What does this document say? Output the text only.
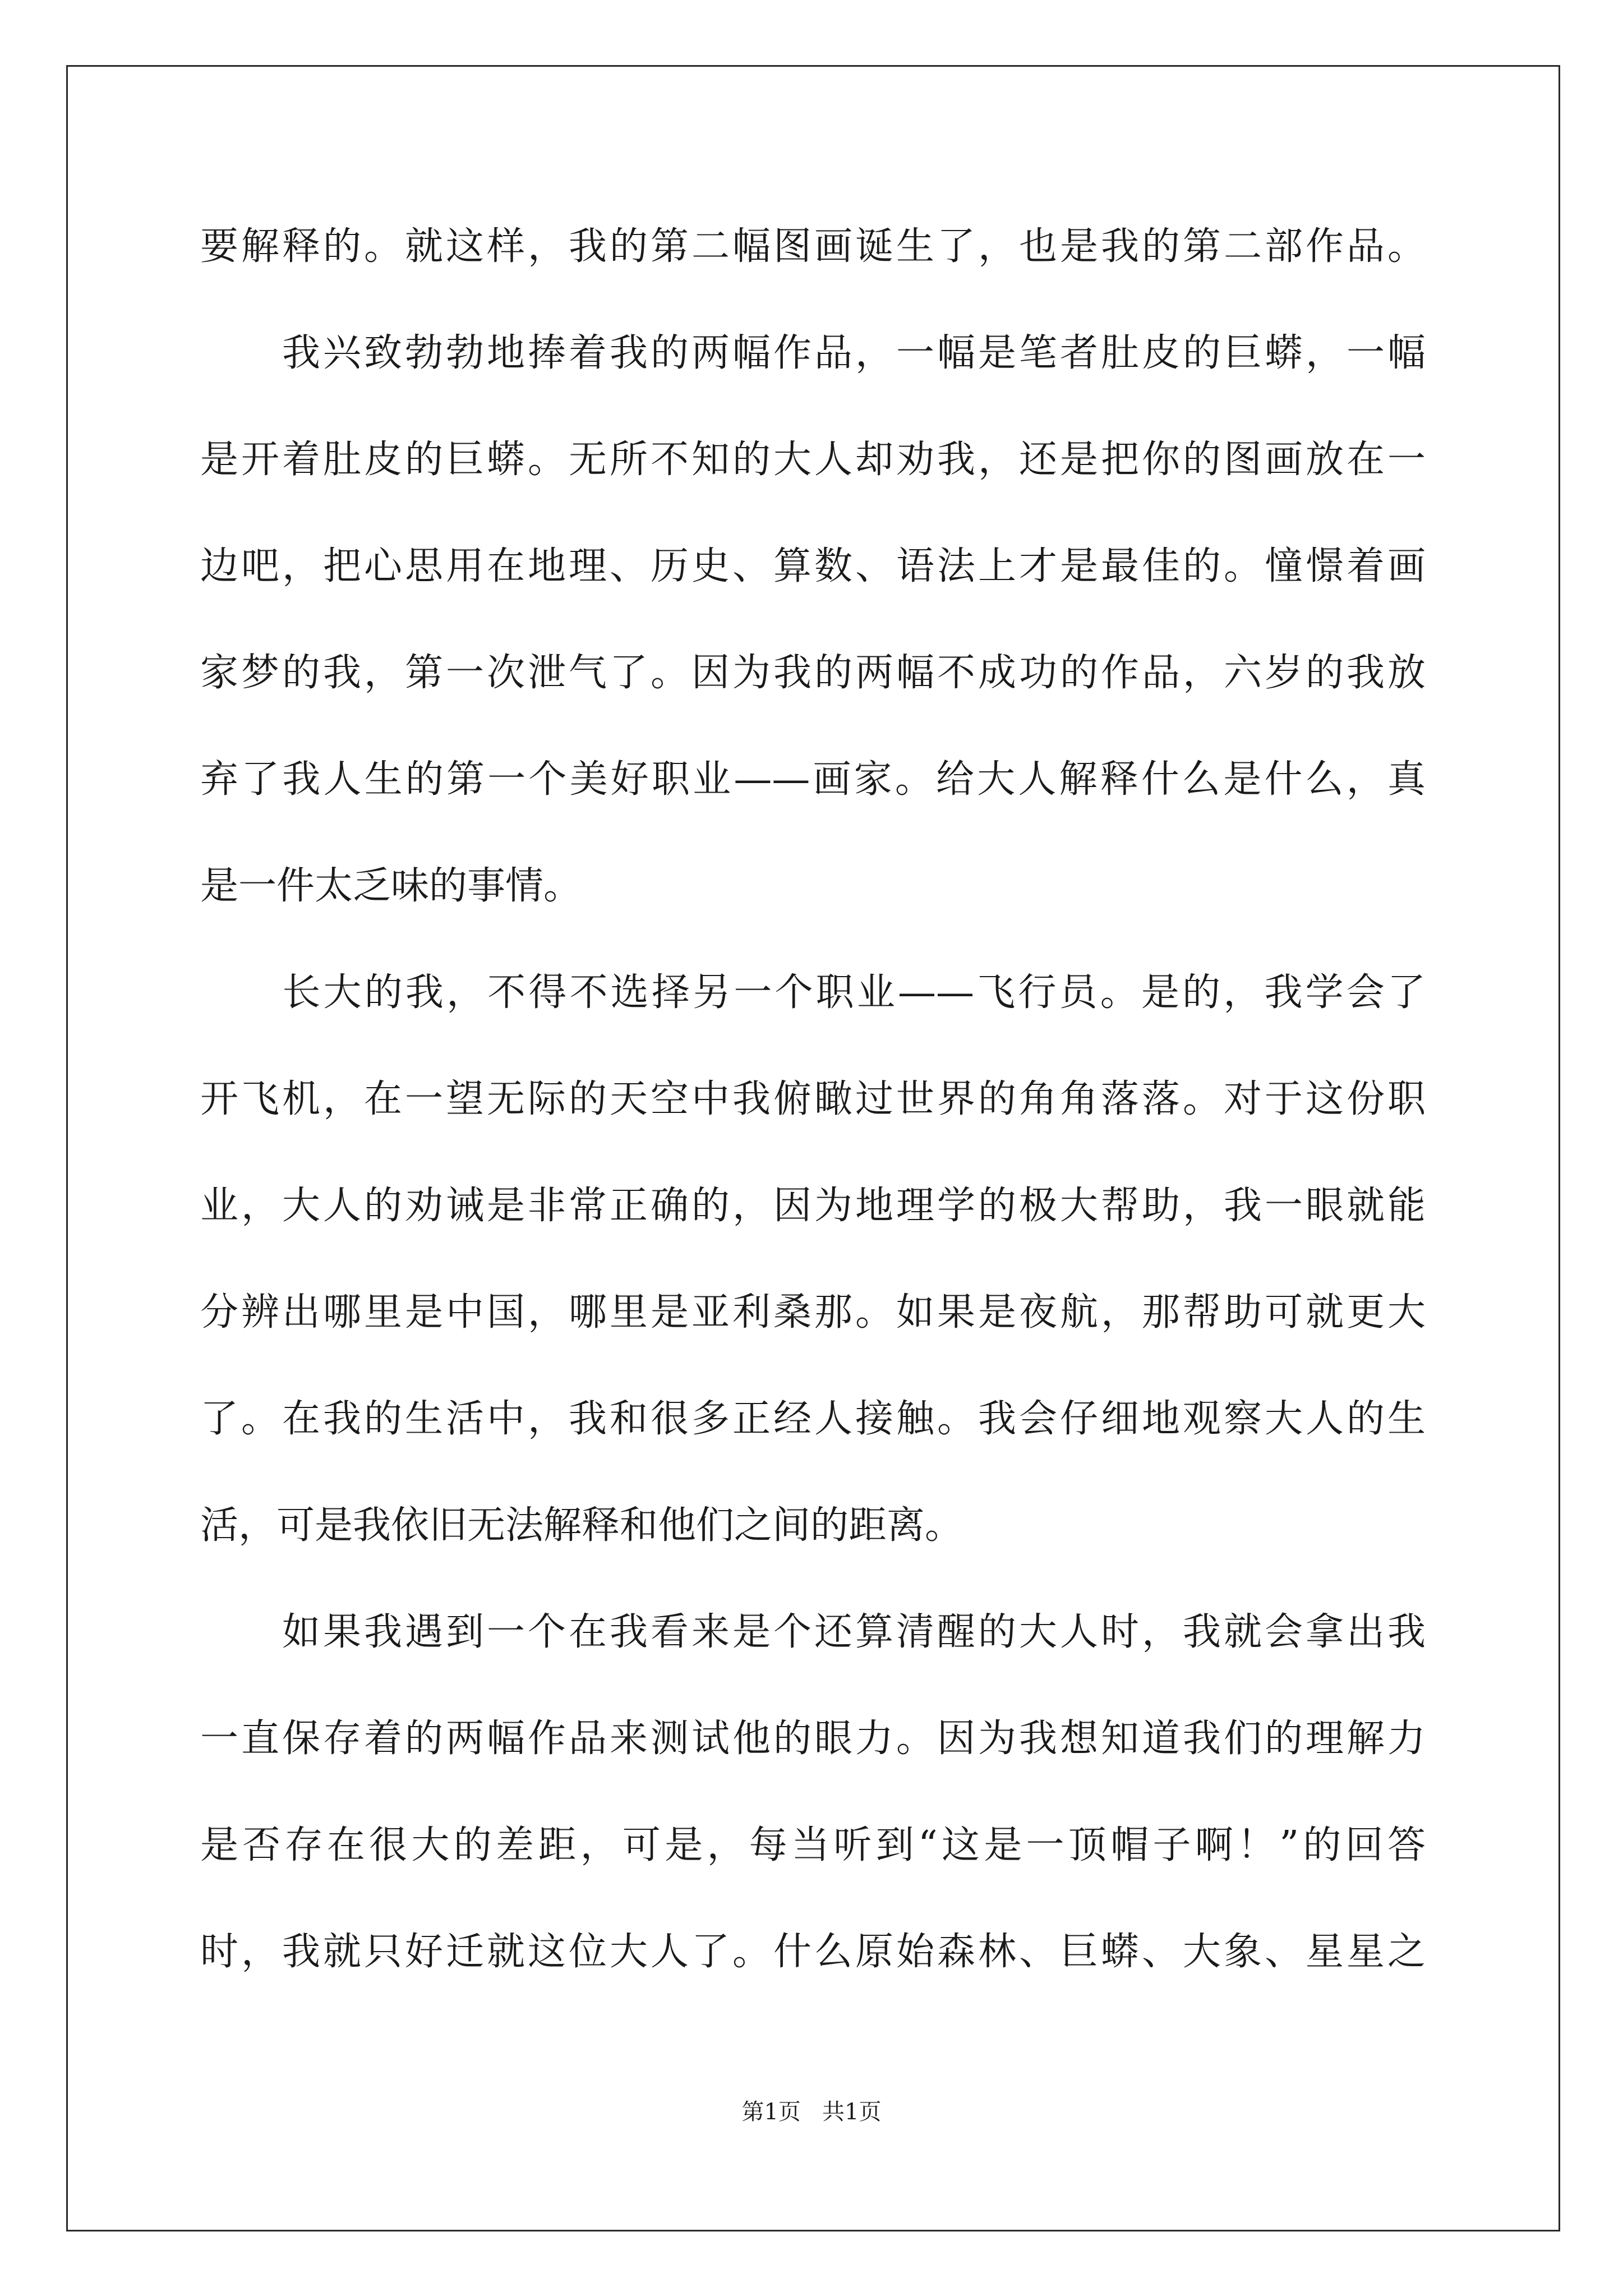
要解释的。就这样，我的第二幅图画诞生了，也是我的第二部作品。
　　我兴致勃勃地捧着我的两幅作品，一幅是笔者肚皮的巨蟒，一幅
是开着肚皮的巨蟒。无所不知的大人却劝我，还是把你的图画放在一
边吧，把心思用在地理、历史、算数、语法上才是最佳的。憧憬着画
家梦的我，第一次泄气了。因为我的两幅不成功的作品，六岁的我放
弃了我人生的第一个美好职业——画家。给大人解释什么是什么，真
是一件太乏味的事情。
　　长大的我，不得不选择另一个职业——飞行员。是的，我学会了
开飞机，在一望无际的天空中我俯瞰过世界的角角落落。对于这份职
业，大人的劝诫是非常正确的，因为地理学的极大帮助，我一眼就能
分辨出哪里是中国，哪里是亚利桑那。如果是夜航，那帮助可就更大
了。在我的生活中，我和很多正经人接触。我会仔细地观察大人的生
活，可是我依旧无法解释和他们之间的距离。
　　如果我遇到一个在我看来是个还算清醒的大人时，我就会拿出我
一直保存着的两幅作品来测试他的眼力。因为我想知道我们的理解力
是否存在很大的差距，可是，每当听到“这是一顶帽子啊！”的回答
时，我就只好迁就这位大人了。什么原始森林、巨蟒、大象、星星之
第1页   共1页
